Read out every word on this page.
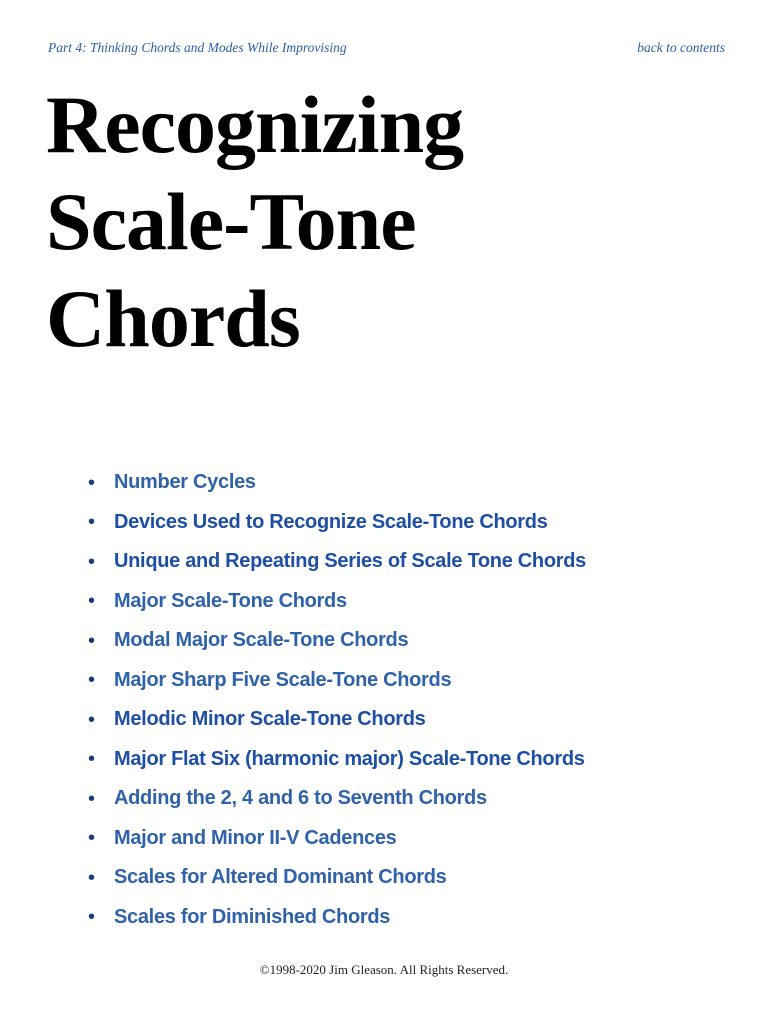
Part 4: Thinking Chords and Modes While Improvising	back to contents
Recognizing
Scale-Tone
Chords
• Number Cycles
• Devices Used to Recognize Scale-Tone Chords
• Unique and Repeating Series of Scale Tone Chords
• Major Scale-Tone Chords
• Modal Major Scale-Tone Chords
• Major Sharp Five Scale-Tone Chords
• Melodic Minor Scale-Tone Chords
• Major Flat Six (harmonic major) Scale-Tone Chords
• Adding the 2, 4 and 6 to Seventh Chords
• Major and Minor II-V Cadences
• Scales for Altered Dominant Chords
• Scales for Diminished Chords
©1998-2020 Jim Gleason. All Rights Reserved.
